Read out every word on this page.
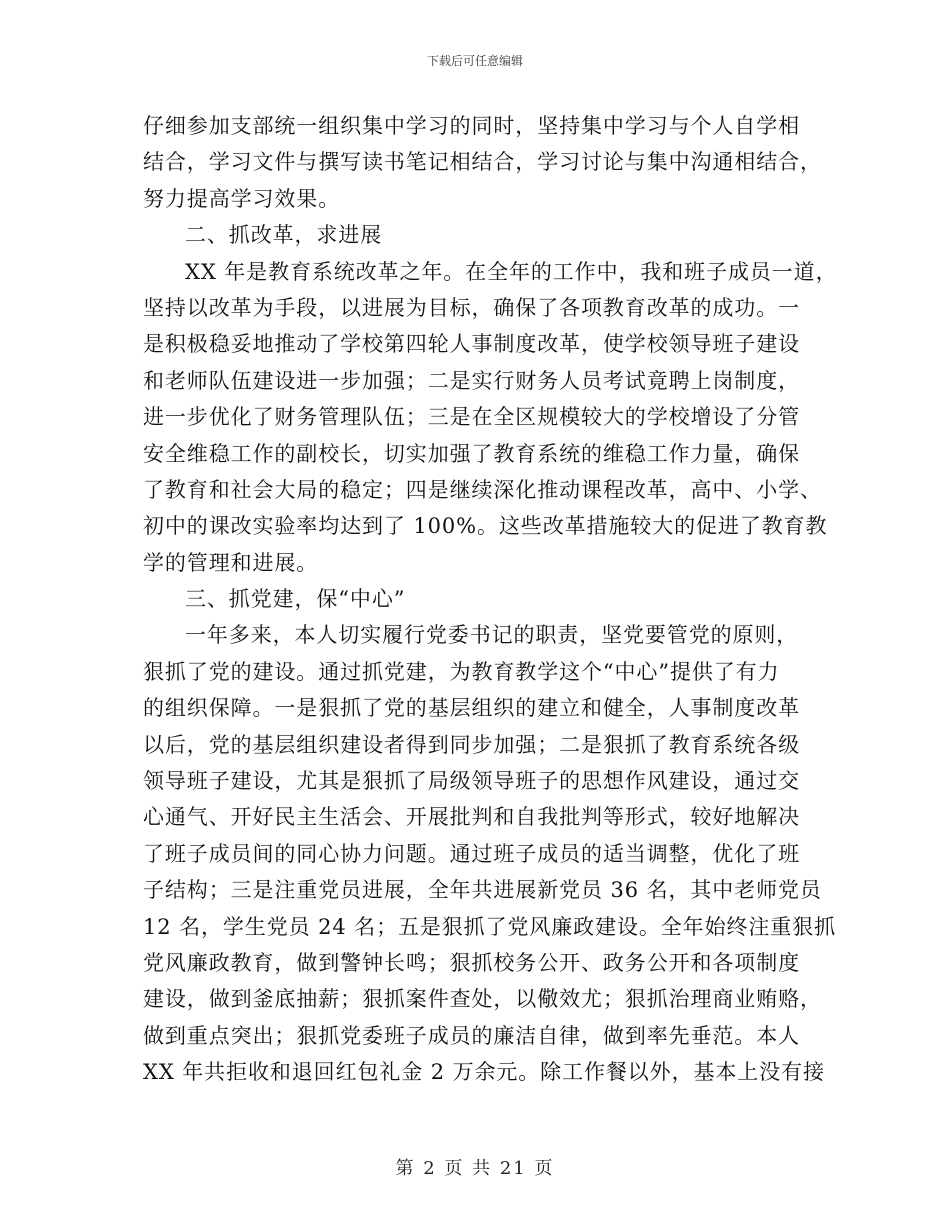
下载后可任意编辑
仔细参加支部统一组织集中学习的同时，坚持集中学习与个人自学相
结合，学习文件与撰写读书笔记相结合，学习讨论与集中沟通相结合，
努力提高学习效果。
二、抓改革，求进展
XX 年是教育系统改革之年。在全年的工作中，我和班子成员一道，
坚持以改革为手段，以进展为目标，确保了各项教育改革的成功。一
是积极稳妥地推动了学校第四轮人事制度改革，使学校领导班子建设
和老师队伍建设进一步加强；二是实行财务人员考试竟聘上岗制度，
进一步优化了财务管理队伍；三是在全区规模较大的学校增设了分管
安全维稳工作的副校长，切实加强了教育系统的维稳工作力量，确保
了教育和社会大局的稳定；四是继续深化推动课程改革，高中、小学、
初中的课改实验率均达到了 100%。这些改革措施较大的促进了教育教
学的管理和进展。
三、抓党建，保“中心”
一年多来，本人切实履行党委书记的职责，坚党要管党的原则，
狠抓了党的建设。通过抓党建，为教育教学这个“中心”提供了有力
的组织保障。一是狠抓了党的基层组织的建立和健全，人事制度改革
以后，党的基层组织建设者得到同步加强；二是狠抓了教育系统各级
领导班子建设，尤其是狠抓了局级领导班子的思想作风建设，通过交
心通气、开好民主生活会、开展批判和自我批判等形式，较好地解决
了班子成员间的同心协力问题。通过班子成员的适当调整，优化了班
子结构；三是注重党员进展，全年共进展新党员 36 名，其中老师党员
12 名，学生党员 24 名；五是狠抓了党风廉政建设。全年始终注重狠抓
党风廉政教育，做到警钟长鸣；狠抓校务公开、政务公开和各项制度
建设，做到釜底抽薪；狠抓案件查处，以儆效尤；狠抓治理商业贿赂，
做到重点突出；狠抓党委班子成员的廉洁自律，做到率先垂范。本人
XX 年共拒收和退回红包礼金 2 万余元。除工作餐以外，基本上没有接
第 2 页 共 21 页
